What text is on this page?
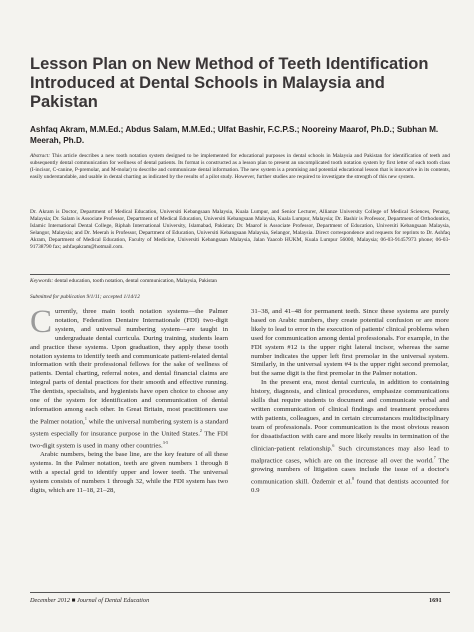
Lesson Plan on New Method of Teeth Identification Introduced at Dental Schools in Malaysia and Pakistan

Ashfaq Akram, M.M.Ed.; Abdus Salam, M.M.Ed.; Ulfat Bashir, F.C.P.S.; Nooreiny Maarof, Ph.D.; Subhan M. Meerah, Ph.D.

Abstract: This article describes a new tooth notation system designed to be implemented for educational purposes in dental schools in Malaysia and Pakistan for identification of teeth and subsequently dental communication for wellness of dental patients. Its format is constructed as a lesson plan to present an uncomplicated tooth notation system by first letter of each tooth class (I-incisor, C-canine, P-premolar, and M-molar) to describe and communicate dental information. The new system is a promising and potential educational lesson that is innovative in its contents, easily understandable, and usable in dental charting as indicated by the results of a pilot study. However, further studies are required to investigate the strength of this new system.

Dr. Akram is Doctor, Department of Medical Education, Universiti Kebangsaan Malaysia, Kuala Lumpur, and Senior Lecturer, Allianze University College of Medical Sciences, Penang, Malaysia; Dr. Salam is Associate Professor, Department of Medical Education, Universiti Kebangsaan Malaysia, Kuala Lumpur, Malaysia; Dr. Bashir is Professor, Department of Orthodontics, Islamic International Dental College, Riphah International University, Islamabad, Pakistan; Dr. Maarof is Associate Professor, Department of Education, Universiti Kebangsaan Malaysia, Selangor, Malaysia; and Dr. Meerah is Professor, Department of Education, Universiti Kebangsaan Malaysia, Selangor, Malaysia. Direct correspondence and requests for reprints to Dr. Ashfaq Akram, Department of Medical Education, Faculty of Medicine, Universiti Kebangsaan Malaysia, Jalan Yaacob HUKM, Kuala Lumpur 56000, Malaysia; 06-03-91457973 phone; 06-03-91738790 fax; ashfaqakram@hotmail.com.

Keywords: dental education, tooth notation, dental communication, Malaysia, Pakistan

Submitted for publication 9/1/11; accepted 1/14/12

Currently, three main tooth notation systems—the Palmer notation, Federation Dentaire Internationale (FDI) two-digit system, and universal numbering system—are taught in undergraduate dental curricula. During training, students learn and practice these systems. Upon graduation, they apply these tooth notation systems to identify teeth and communicate patient-related dental information with their professional fellows for the sake of wellness of patients. Dental charting, referral notes, and dental financial claims are integral parts of dental practices for their smooth and effective running. The dentists, specialists, and hygienists have open choice to choose any one of the system for identification and communication of dental information among each other. In Great Britain, most practitioners use the Palmer notation,$^1$ while the universal numbering system is a standard system especially for insurance purpose in the United States.$^2$ The FDI two-digit system is used in many other countries.$^{3-5}$

Arabic numbers, being the base line, are the key feature of all these systems. In the Palmer notation, teeth are given numbers 1 through 8 with a special grid to identify upper and lower teeth. The universal system consists of numbers 1 through 32, while the FDI system has two digits, which are 11–18, 21–28,

31–38, and 41–48 for permanent teeth. Since these systems are purely based on Arabic numbers, they create potential confusion or are more likely to lead to error in the execution of patients' clinical problems when used for communication among dental professionals. For example, in the FDI system #12 is the upper right lateral incisor, whereas the same number indicates the upper left first premolar in the universal system. Similarly, in the universal system #4 is the upper right second premolar, but the same digit is the first premolar in the Palmer notation.

In the present era, most dental curricula, in addition to containing history, diagnosis, and clinical procedures, emphasize communications skills that require students to document and communicate verbal and written communication of clinical findings and treatment procedures with patients, colleagues, and in certain circumstances multidisciplinary team of professionals. Poor communication is the most obvious reason for dissatisfaction with care and more likely results in termination of the clinician-patient relationship.$^6$ Such circumstances may also lead to malpractice cases, which are on the increase all over the world.$^7$ The growing numbers of litigation cases include the issue of a doctor's communication skill. Özdemir et al.$^8$ found that dentists accounted for 0.9

December 2012 ■ Journal of Dental Education	1691
